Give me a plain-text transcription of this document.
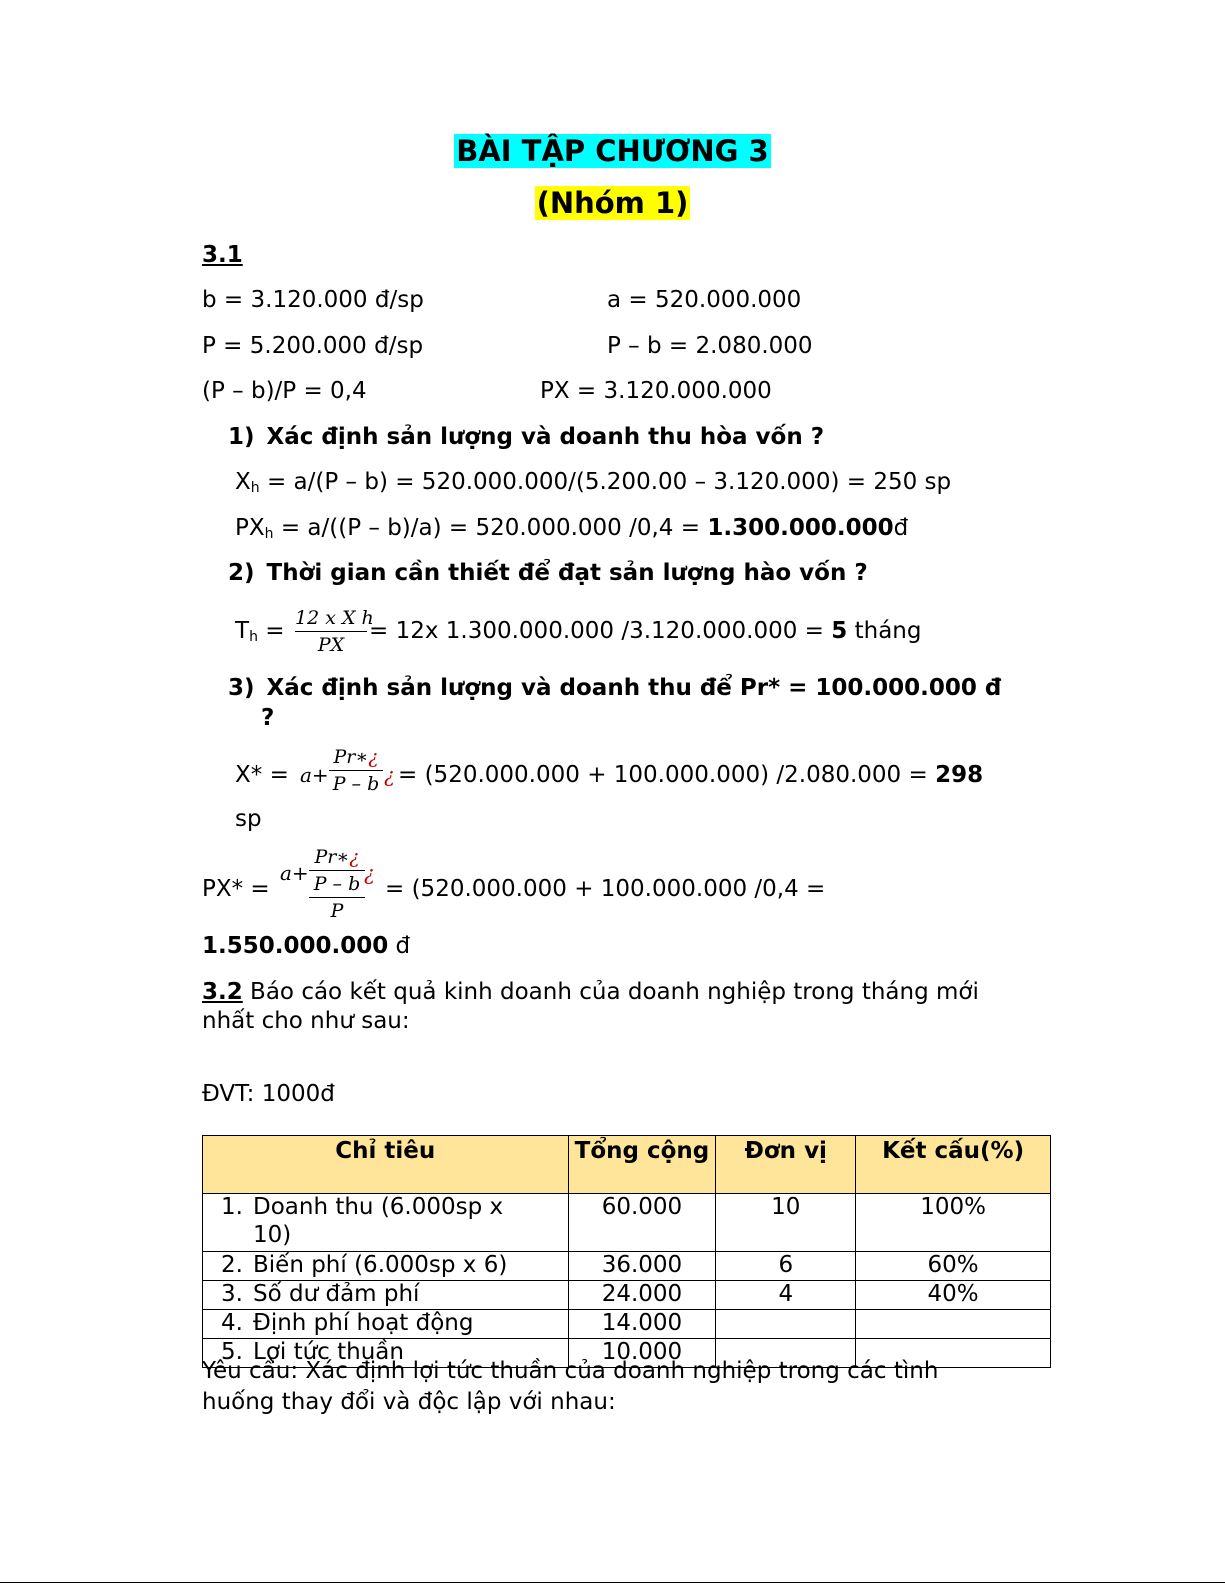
BÀI TẬP CHƯƠNG 3
(Nhóm 1)
3.1
b = 3.120.000 đ/sp	a = 520.000.000
P = 5.200.000 đ/sp	P – b = 2.080.000
(P – b)/P = 0,4	PX = 3.120.000.000
1) Xác định sản lượng và doanh thu hòa vốn ?
$X_h = a/(P - b) = 520.000.000/(5.200.00 - 3.120.000) = 250$ sp
$PX_h = a/((P - b)/a) = 520.000.000$ /0,4 = 1.300.000.000đ
2) Thời gian cần thiết để đạt sản lượng hào vốn ?
$T_h = 12$ x X h
PX
= 12x 1.300.000.000 /3.120.000.000 = 5 tháng
3) Xác định sản lượng và doanh thu để Pr* = 100.000.000 đ
?
X* = a+
Pr∗¿
P – b ¿ = (520.000.000 + 100.000.000) /2.080.000 = 298
sp
PX* =
a+
Pr∗¿
P – b
P
¿
= (520.000.000 + 100.000.000 /0,4 =
1.550.000.000 đ
3.2 Báo cáo kết quả kinh doanh của doanh nghiệp trong tháng mới
nhất cho như sau:
ĐVT: 1000đ
Chỉ tiêu	Tổng cộng	Đơn vị	Kết cấu(%)

1. Doanh thu (6.000sp x
10)	60.000	10	100%

2. Biến phí (6.000sp x 6)	36.000	6	60%

3. Số dư đảm phí	24.000	4	40%

4. Định phí hoạt động	14.000		

5. Lợi tức thuần	10.000		
Yêu cầu: Xác định lợi tức thuần của doanh nghiệp trong các tình
huống thay đổi và độc lập với nhau:
